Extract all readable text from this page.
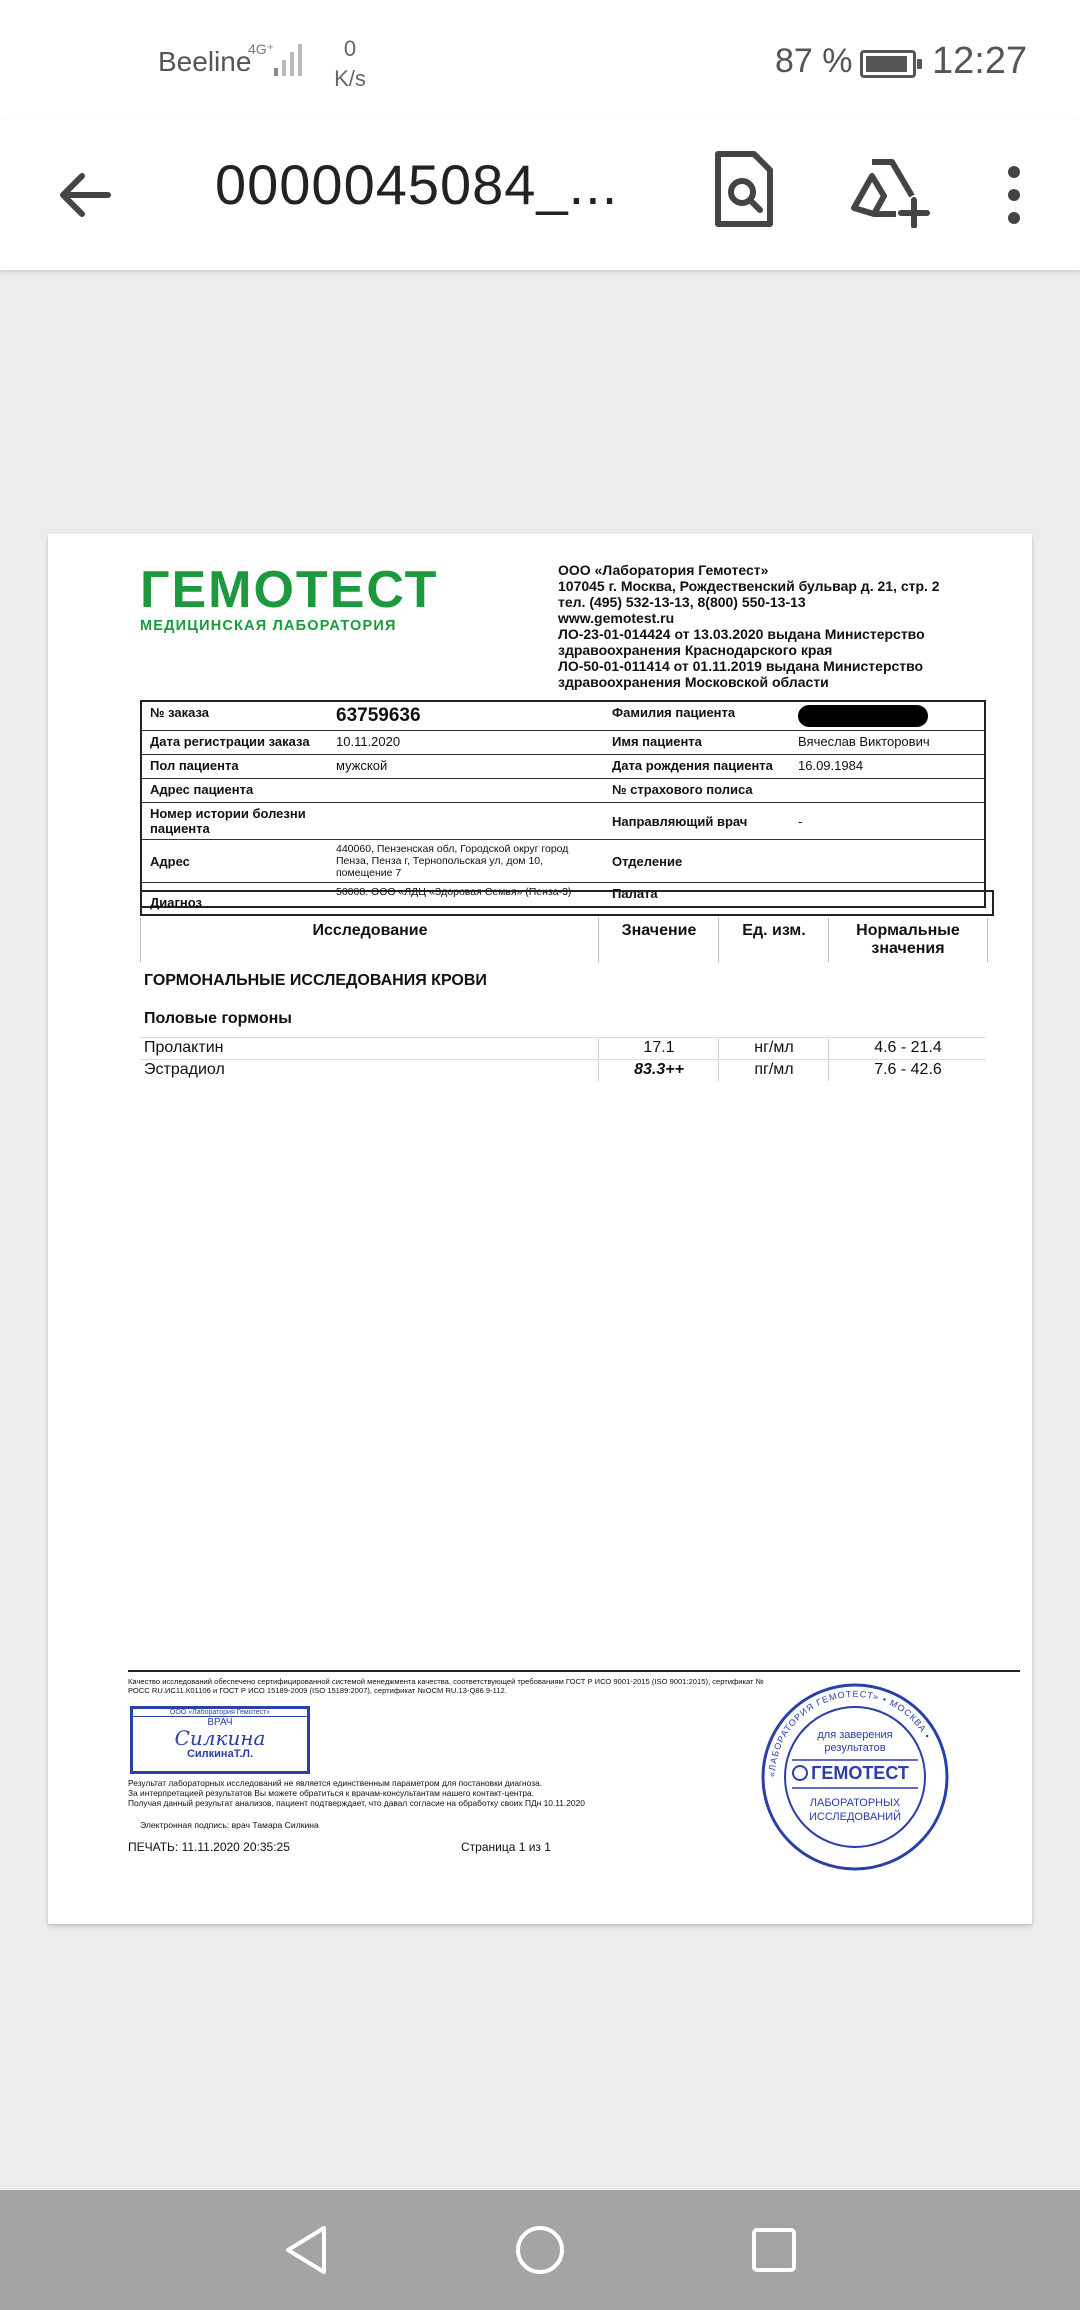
Beeline
4G⁺	0
K/s	87 % 12:27
0000045084_...
ГЕМОТЕСТ
МЕДИЦИНСКАЯ ЛАБОРАТОРИЯ
ООО «Лаборатория Гемотест»
107045 г. Москва, Рождественский бульвар д. 21, стр. 2
тел. (495) 532-13-13, 8(800) 550-13-13
www.gemotest.ru
ЛО-23-01-014424 от 13.03.2020 выдана Министерство
здравоохранения Краснодарского края
ЛО-50-01-011414 от 01.11.2019 выдана Министерство
здравоохранения Московской области
№ заказа	63759636	Фамилия пациента	
Дата регистрации заказа	10.11.2020	Имя пациента	Вячеслав Викторович
Пол пациента	мужской	Дата рождения пациента	16.09.1984
Адрес пациента		№ страхового полиса	
Номер истории болезни пациента		Направляющий врач	-
Адрес	440060, Пензенская обл, Городской округ город Пенза, Пенза г, Тернопольская ул, дом 10, помещение 7	Отделение	
	50008. ООО «ЛДЦ «Здоровая Семья» (Пенза-3)	Палата	
Диагноз
Исследование	Значение	Ед. изм.	Нормальные значения
ГОРМОНАЛЬНЫЕ ИССЛЕДОВАНИЯ КРОВИ
Половые гормоны
Пролактин	17.1	нг/мл	4.6 - 21.4
Эстрадиол	83.3++	пг/мл	7.6 - 42.6
Качество исследований обеспечено сертифицированной системой менеджмента качества, соответствующей требованиям ГОСТ Р ИСО 9001-2015 (ISO 9001:2015), сертификат № РОСС RU.ИС11.К01106 и ГОСТ Р ИСО 15189-2009 (ISO 15189:2007), сертификат №ОСМ RU.13-Q86.9-112.
ООО «Лаборатория Гемотест»
ВРАЧ
Силкина
СилкинаТ.Л.
Результат лабораторных исследований не является единственным параметром для постановки диагноза.
За интерпретацией результатов Вы можете обратиться к врачам-консультантам нашего контакт-центра.
Получая данный результат анализов, пациент подтверждает, что давал согласие на обработку своих ПДн 10.11.2020
Электронная подпись: врач Тамара Силкина
ПЕЧАТЬ: 11.11.2020 20:35:25	Страница 1 из 1
«ЛАБОРАТОРИЯ ГЕМОТЕСТ» • МОСКВА •
для заверения
результатов
ГЕМОТЕСТ
ЛАБОРАТОРНЫХ
ИССЛЕДОВАНИЙ
